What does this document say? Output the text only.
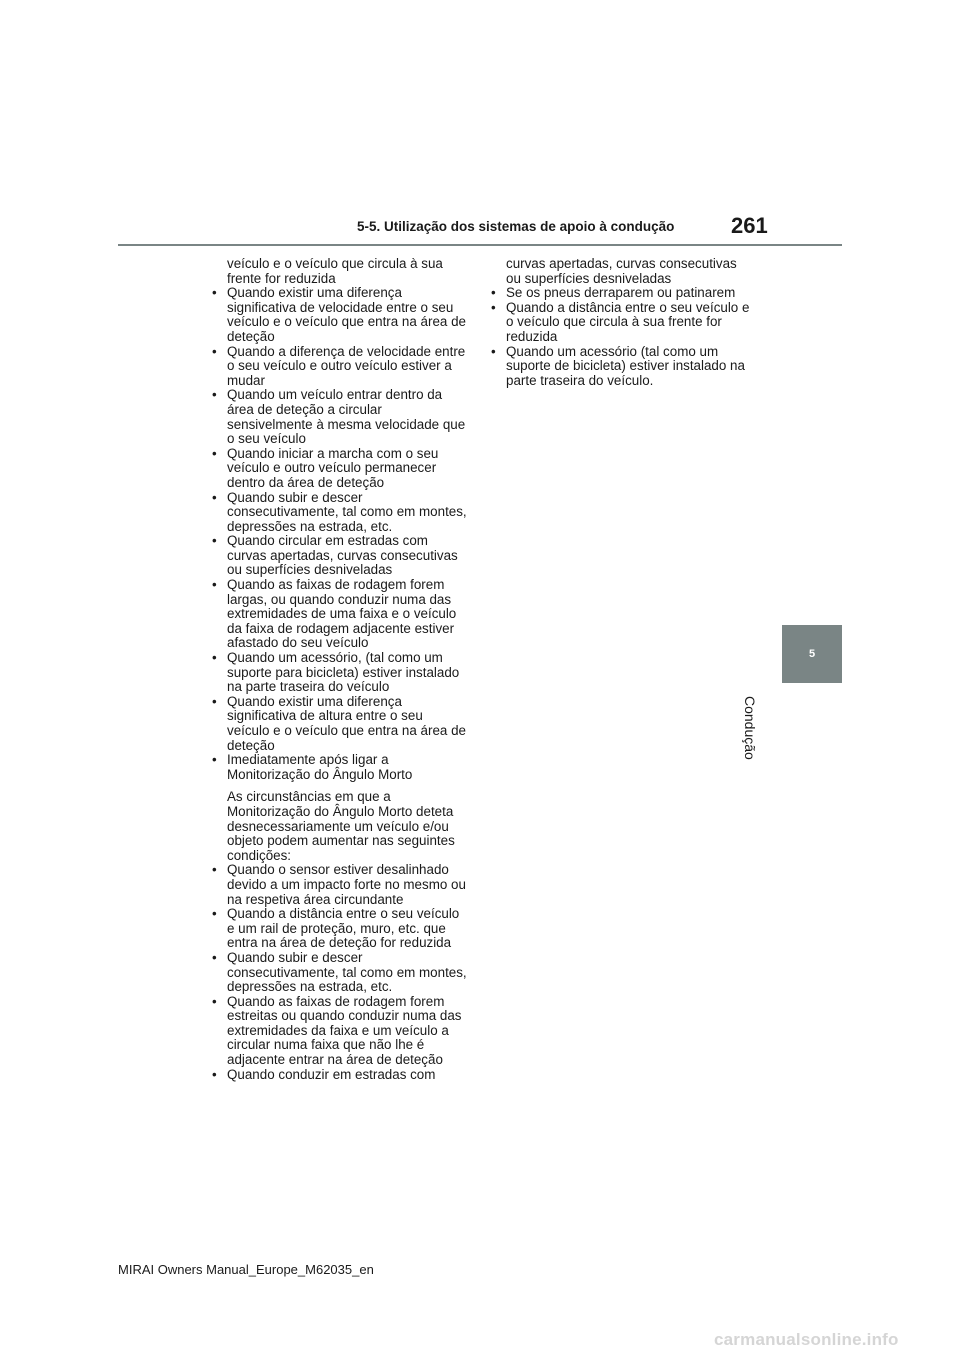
5-5. Utilização dos sistemas de apoio à condução	261
5
Condução

veículo e o veículo que circula à sua frente for reduzida

• Quando existir uma diferença significativa de velocidade entre o seu veículo e o veículo que entra na área de deteção
• Quando a diferença de velocidade entre o seu veículo e outro veículo estiver a mudar
• Quando um veículo entrar dentro da área de deteção a circular sensivelmente à mesma velocidade que o seu veículo
• Quando iniciar a marcha com o seu veículo e outro veículo permanecer dentro da área de deteção
• Quando subir e descer consecutivamente, tal como em montes, depressões na estrada, etc.
• Quando circular em estradas com curvas apertadas, curvas consecutivas ou superfícies desniveladas
• Quando as faixas de rodagem forem largas, ou quando conduzir numa das extremidades de uma faixa e o veículo da faixa de rodagem adjacente estiver afastado do seu veículo
• Quando um acessório, (tal como um suporte para bicicleta) estiver instalado na parte traseira do veículo
• Quando existir uma diferença significativa de altura entre o seu veículo e o veículo que entra na área de deteção
• Imediatamente após ligar a Monitorização do Ângulo Morto

As circunstâncias em que a Monitorização do Ângulo Morto deteta desnecessariamente um veículo e/ou objeto podem aumentar nas seguintes condições:

• Quando o sensor estiver desalinhado devido a um impacto forte no mesmo ou na respetiva área circundante
• Quando a distância entre o seu veículo e um rail de proteção, muro, etc. que entra na área de deteção for reduzida
• Quando subir e descer consecutivamente, tal como em montes, depressões na estrada, etc.
• Quando as faixas de rodagem forem estreitas ou quando conduzir numa das extremidades da faixa e um veículo a circular numa faixa que não lhe é adjacente entrar na área de deteção
• Quando conduzir em estradas com

curvas apertadas, curvas consecutivas ou superfícies desniveladas

• Se os pneus derraparem ou patinarem
• Quando a distância entre o seu veículo e o veículo que circula à sua frente for reduzida
• Quando um acessório (tal como um suporte de bicicleta) estiver instalado na parte traseira do veículo.
MIRAI Owners Manual_Europe_M62035_en
carmanualsonline.info
